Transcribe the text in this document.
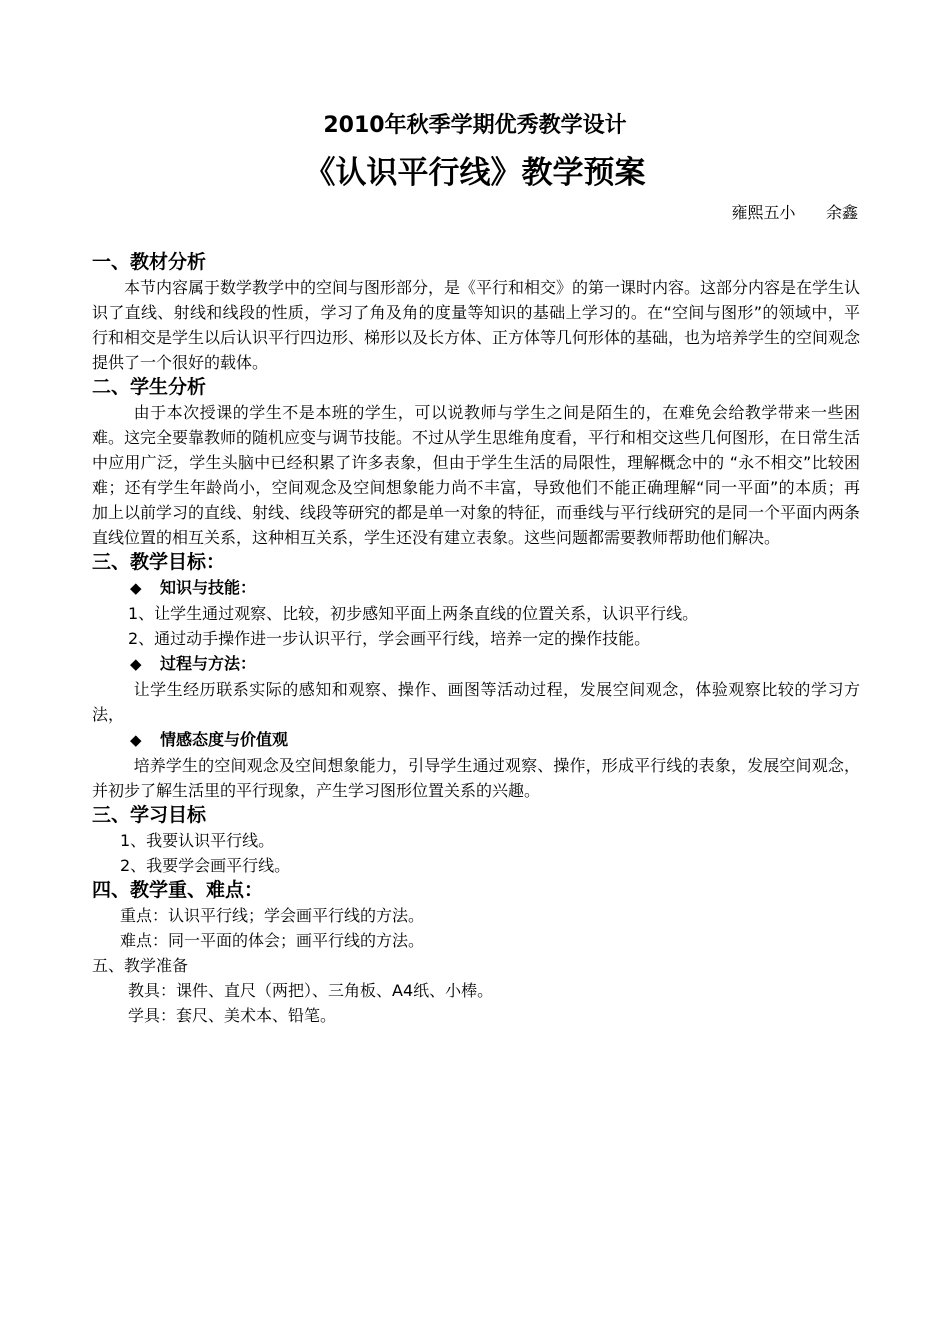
2010年秋季学期优秀教学设计
《认识平行线》教学预案
雍熙五小      余鑫

一、教材分析

本节内容属于数学教学中的空间与图形部分，是《平行和相交》的第一课时内容。这部分内容是在学生认识了直线、射线和线段的性质，学习了角及角的度量等知识的基础上学习的。在“空间与图形”的领域中，平行和相交是学生以后认识平行四边形、梯形以及长方体、正方体等几何形体的基础，也为培养学生的空间观念提供了一个很好的载体。

二、学生分析

由于本次授课的学生不是本班的学生，可以说教师与学生之间是陌生的，在难免会给教学带来一些困难。这完全要靠教师的随机应变与调节技能。不过从学生思维角度看，平行和相交这些几何图形，在日常生活中应用广泛，学生头脑中已经积累了许多表象，但由于学生生活的局限性，理解概念中的 “永不相交”比较困难；还有学生年龄尚小，空间观念及空间想象能力尚不丰富，导致他们不能正确理解“同一平面”的本质；再加上以前学习的直线、射线、线段等研究的都是单一对象的特征，而垂线与平行线研究的是同一个平面内两条直线位置的相互关系，这种相互关系，学生还没有建立表象。这些问题都需要教师帮助他们解决。

三、教学目标：

◆ 知识与技能：

1、让学生通过观察、比较，初步感知平面上两条直线的位置关系，认识平行线。

2、通过动手操作进一步认识平行，学会画平行线，培养一定的操作技能。

◆ 过程与方法：

让学生经历联系实际的感知和观察、操作、画图等活动过程，发展空间观念，体验观察比较的学习方法，

◆ 情感态度与价值观

培养学生的空间观念及空间想象能力，引导学生通过观察、操作，形成平行线的表象，发展空间观念，并初步了解生活里的平行现象，产生学习图形位置关系的兴趣。

三、学习目标

1、我要认识平行线。

2、我要学会画平行线。

四、教学重、难点：

重点：认识平行线；学会画平行线的方法。

难点：同一平面的体会；画平行线的方法。

五、教学准备

教具：课件、直尺（两把）、三角板、A4纸、小棒。

学具：套尺、美术本、铅笔。
